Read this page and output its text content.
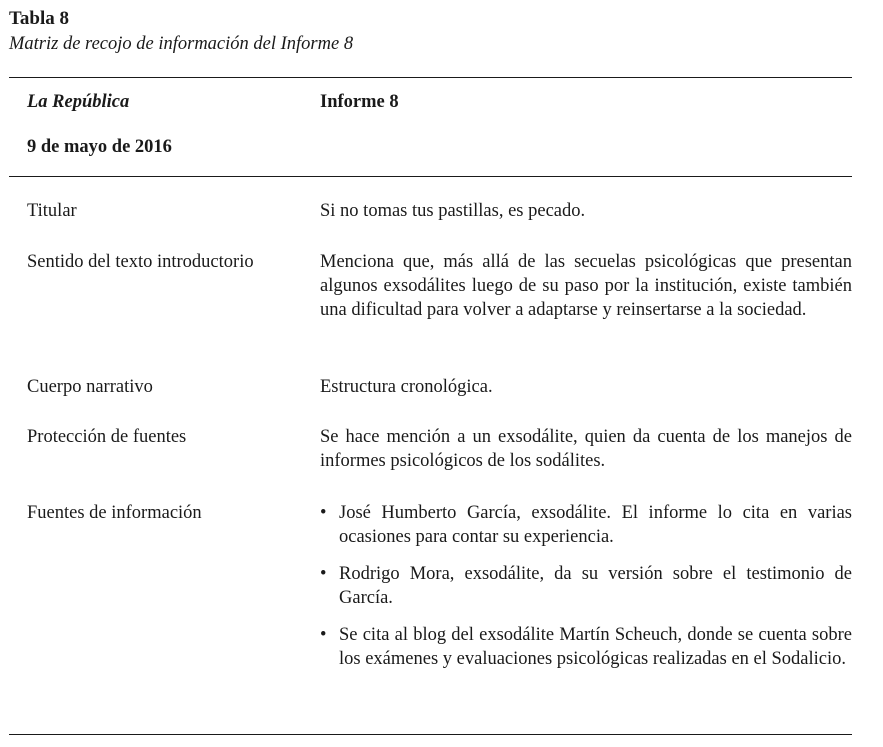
Tabla 8

Matriz de recojo de información del Informe 8

La República	Informe 8

9 de mayo de 2016

Titular	Si no tomas tus pastillas, es pecado.

Sentido del texto introductorio	Menciona que, más allá de las secuelas psicológicas que presentan algunos exsodálites luego de su paso por la institución, existe también una dificultad para volver a adaptarse y reinsertarse a la sociedad.

Cuerpo narrativo	Estructura cronológica.

Protección de fuentes	Se hace mención a un exsodálite, quien da cuenta de los manejos de informes psicológicos de los sodálites.

Fuentes de información

•	José Humberto García, exsodálite. El informe lo cita en varias ocasiones para contar su experiencia.
• Rodrigo Mora, exsodálite, da su versión sobre el testimonio de García.
• Se cita al blog del exsodálite Martín Scheuch, donde se cuenta sobre los exámenes y evaluaciones psicológicas realizadas en el Sodalicio.
